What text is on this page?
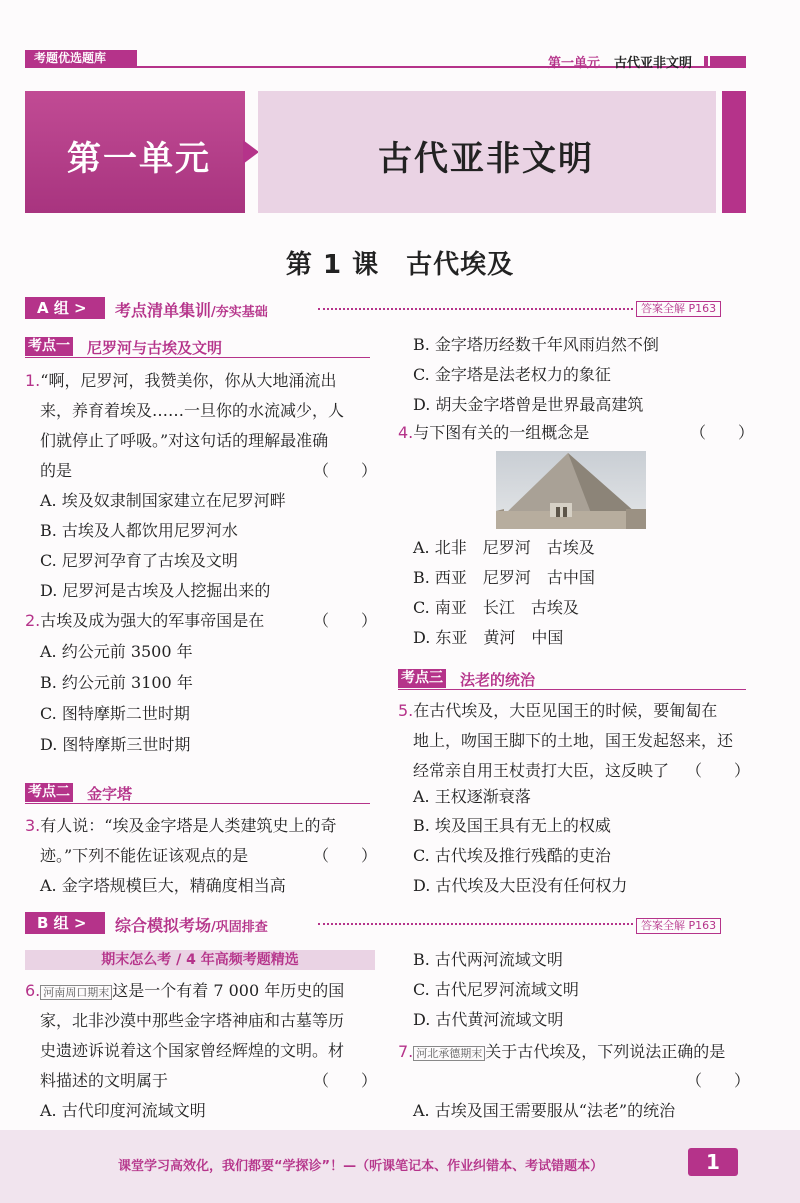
考题优选题库	第一单元 古代亚非文明
第一单元	古代亚非文明
第 1 课　古代埃及
A 组 >	考点清单集训/夯实基础	答案全解 P163
考点一 尼罗河与古埃及文明
1.“啊，尼罗河，我赞美你，你从大地涌流出
来，养育着埃及……一旦你的水流减少，人
们就停止了呼吸。”对这句话的理解最准确
的是	（　　）
A. 埃及奴隶制国家建立在尼罗河畔
B. 古埃及人都饮用尼罗河水
C. 尼罗河孕育了古埃及文明
D. 尼罗河是古埃及人挖掘出来的
2.古埃及成为强大的军事帝国是在	（　　）
A. 约公元前 3500 年
B. 约公元前 3100 年
C. 图特摩斯二世时期
D. 图特摩斯三世时期
考点二 金字塔
3.有人说：“埃及金字塔是人类建筑史上的奇
迹。”下列不能佐证该观点的是	（　　）
A. 金字塔规模巨大，精确度相当高
B. 金字塔历经数千年风雨岿然不倒
C. 金字塔是法老权力的象征
D. 胡夫金字塔曾是世界最高建筑
4.与下图有关的一组概念是	（　　）
A. 北非　尼罗河　古埃及
B. 西亚　尼罗河　古中国
C. 南亚　长江　古埃及
D. 东亚　黄河　中国
考点三 法老的统治
5.在古代埃及，大臣见国王的时候，要匍匐在
地上，吻国王脚下的土地，国王发起怒来，还
经常亲自用王杖责打大臣，这反映了 （　　）
A. 王权逐渐衰落
B. 埃及国王具有无上的权威
C. 古代埃及推行残酷的吏治
D. 古代埃及大臣没有任何权力
B 组 >	综合模拟考场/巩固排查	答案全解 P163
期末怎么考 / 4 年高频考题精选
6. 河南周口期末 这是一个有着 7 000 年历史的国
家，北非沙漠中那些金字塔神庙和古墓等历
史遗迹诉说着这个国家曾经辉煌的文明。材
料描述的文明属于	（　　）
A. 古代印度河流域文明
B. 古代两河流域文明
C. 古代尼罗河流域文明
D. 古代黄河流域文明
7. 河北承德期末 关于古代埃及，下列说法正确的是
（　　）
A. 古埃及国王需要服从“法老”的统治
课堂学习高效化，我们都要“学探诊”！—（听课笔记本、作业纠错本、考试错题本）	1
